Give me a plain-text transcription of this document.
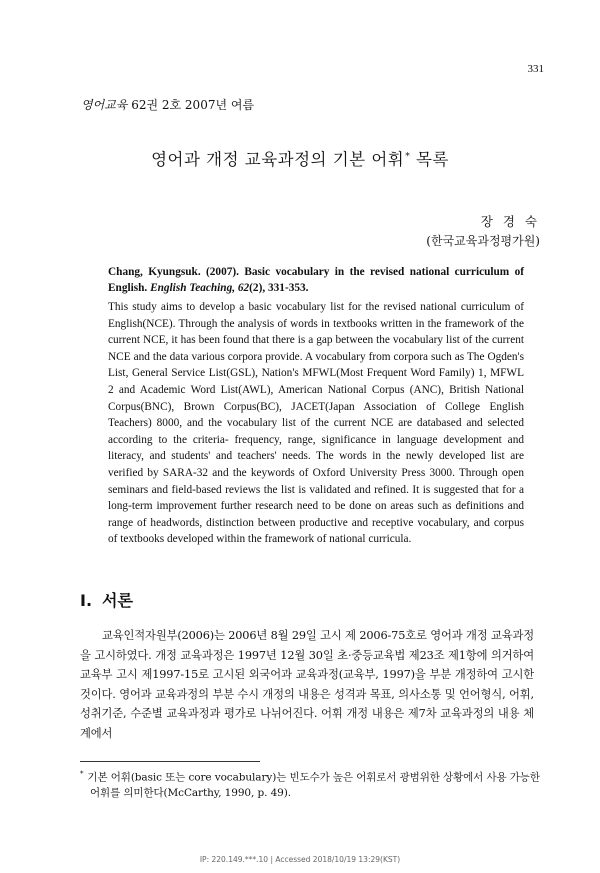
331
영어교육 62권 2호 2007년 여름
영어과 개정 교육과정의 기본 어휘* 목록
장 경 숙
(한국교육과정평가원)
Chang, Kyungsuk. (2007). Basic vocabulary in the revised national curriculum of English. English Teaching, 62(2), 331-353.
This study aims to develop a basic vocabulary list for the revised national curriculum of English(NCE). Through the analysis of words in textbooks written in the framework of the current NCE, it has been found that there is a gap between the vocabulary list of the current NCE and the data various corpora provide. A vocabulary from corpora such as The Ogden's List, General Service List(GSL), Nation's MFWL(Most Frequent Word Family) 1, MFWL 2 and Academic Word List(AWL), American National Corpus (ANC), British National Corpus(BNC), Brown Corpus(BC), JACET(Japan Association of College English Teachers) 8000, and the vocabulary list of the current NCE are databased and selected according to the criteria- frequency, range, significance in language development and literacy, and students' and teachers' needs. The words in the newly developed list are verified by SARA-32 and the keywords of Oxford University Press 3000. Through open seminars and field-based reviews the list is validated and refined. It is suggested that for a long-term improvement further research need to be done on areas such as definitions and range of headwords, distinction between productive and receptive vocabulary, and corpus of textbooks developed within the framework of national curricula.
I. 서론
교육인적자원부(2006)는 2006년 8월 29일 고시 제 2006-75호로 영어과 개정 교육과정을 고시하였다. 개정 교육과정은 1997년 12월 30일 초·중등교육법 제23조 제1항에 의거하여 교육부 고시 제1997-15로 고시된 외국어과 교육과정(교육부, 1997)을 부분 개정하여 고시한 것이다. 영어과 교육과정의 부분 수시 개정의 내용은 성격과 목표, 의사소통 및 언어형식, 어휘, 성취기준, 수준별 교육과정과 평가로 나뉘어진다. 어휘 개정 내용은 제7차 교육과정의 내용 체계에서
* 기본 어휘(basic 또는 core vocabulary)는 빈도수가 높은 어휘로서 광범위한 상황에서 사용 가능한 어휘를 의미한다(McCarthy, 1990, p. 49).
IP: 220.149.***.10 | Accessed 2018/10/19 13:29(KST)
